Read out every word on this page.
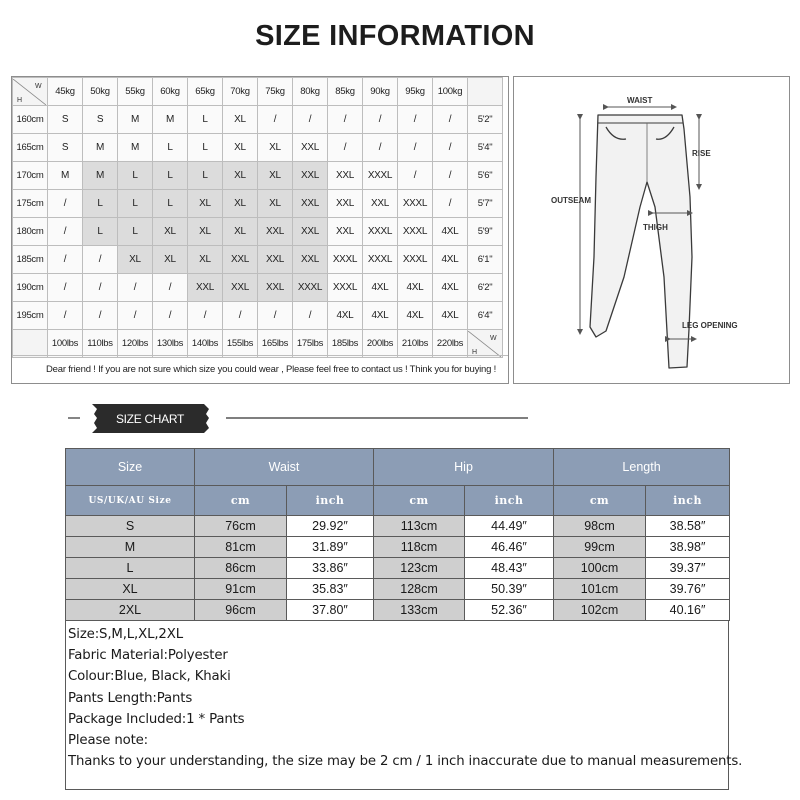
SIZE INFORMATION
W
H	45kg	50kg	55kg	60kg	65kg	70kg	75kg	80kg	85kg	90kg	95kg	100kg	
160cm	S	S	M	M	L	XL	/	/	/	/	/	/	5'2"
165cm	S	M	M	L	L	XL	XL	XXL	/	/	/	/	5'4"
170cm	M	M	L	L	L	XL	XL	XXL	XXL	XXXL	/	/	5'6"
175cm	/	L	L	L	XL	XL	XL	XXL	XXL	XXL	XXXL	/	5'7"
180cm	/	L	L	XL	XL	XL	XXL	XXL	XXL	XXXL	XXXL	4XL	5'9"
185cm	/	/	XL	XL	XL	XXL	XXL	XXL	XXXL	XXXL	XXXL	4XL	6'1"
190cm	/	/	/	/	XXL	XXL	XXL	XXXL	XXXL	4XL	4XL	4XL	6'2"
195cm	/	/	/	/	/	/	/	/	4XL	4XL	4XL	4XL	6'4"
	100lbs	110lbs	120lbs	130lbs	140lbs	155lbs	165lbs	175lbs	185lbs	200lbs	210lbs	220lbs	W
H
Dear friend ! If you are not sure which size you could wear , Please feel free to contact us ! Think you for buying !
WAIST
RISE
OUTSEAM
THIGH
LEG OPENING
SIZE CHART
Size	Waist		Hip		Length	
US/UK/AU Size	cm	inch	cm	inch	cm	inch
S	76cm	29.92″	113cm	44.49″	98cm	38.58″
M	81cm	31.89″	118cm	46.46″	99cm	38.98″
L	86cm	33.86″	123cm	48.43″	100cm	39.37″
XL	91cm	35.83″	128cm	50.39″	101cm	39.76″
2XL	96cm	37.80″	133cm	52.36″	102cm	40.16″

Size:S,M,L,XL,2XL

Fabric Material:Polyester

Colour:Blue, Black, Khaki

Pants Length:Pants

Package Included:1 * Pants

Please note:

Thanks to your understanding, the size may be 2 cm / 1 inch inaccurate due to manual measurements.
